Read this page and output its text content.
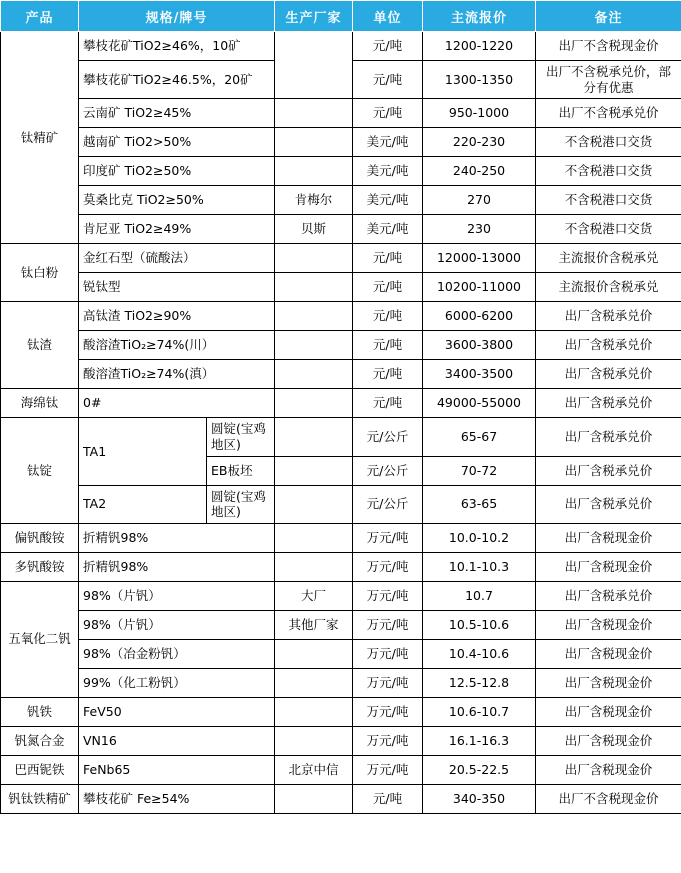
产品	规格/牌号		生产厂家	单位	主流报价	备注
钛精矿	攀枝花矿TiO2≥46%，10矿			元/吨	1200-1220	出厂不含税现金价
	攀枝花矿TiO2≥46.5%，20矿			元/吨	1300-1350	出厂不含税承兑价，部分有优惠
	云南矿 TiO2≥45%			元/吨	950-1000	出厂不含税承兑价
	越南矿 TiO2>50%			美元/吨	220-230	不含税港口交货
	印度矿 TiO2≥50%			美元/吨	240-250	不含税港口交货
	莫桑比克 TiO2≥50%		肯梅尔	美元/吨	270	不含税港口交货
	肯尼亚 TiO2≥49%		贝斯	美元/吨	230	不含税港口交货
钛白粉	金红石型（硫酸法）			元/吨	12000-13000	主流报价含税承兑
	锐钛型			元/吨	10200-11000	主流报价含税承兑
钛渣	高钛渣 TiO2≥90%			元/吨	6000-6200	出厂含税承兑价
	酸溶渣TiO₂≥74%(川）			元/吨	3600-3800	出厂含税承兑价
	酸溶渣TiO₂≥74%(滇）			元/吨	3400-3500	出厂含税承兑价
海绵钛	0#			元/吨	49000-55000	出厂含税承兑价
钛锭	TA1	圆锭(宝鸡地区)		元/公斤	65-67	出厂含税承兑价
		EB板坯		元/公斤	70-72	出厂含税承兑价
	TA2	圆锭(宝鸡地区)		元/公斤	63-65	出厂含税承兑价
偏钒酸铵	折精钒98%			万元/吨	10.0-10.2	出厂含税现金价
多钒酸铵	折精钒98%			万元/吨	10.1-10.3	出厂含税现金价
五氧化二钒	98%（片钒）		大厂	万元/吨	10.7	出厂含税承兑价
	98%（片钒）		其他厂家	万元/吨	10.5-10.6	出厂含税现金价
	98%（冶金粉钒）			万元/吨	10.4-10.6	出厂含税现金价
	99%（化工粉钒）			万元/吨	12.5-12.8	出厂含税现金价
钒铁	FeV50			万元/吨	10.6-10.7	出厂含税现金价
钒氮合金	VN16			万元/吨	16.1-16.3	出厂含税现金价
巴西铌铁	FeNb65		北京中信	万元/吨	20.5-22.5	出厂含税现金价
钒钛铁精矿	攀枝花矿 Fe≥54%			元/吨	340-350	出厂不含税现金价
